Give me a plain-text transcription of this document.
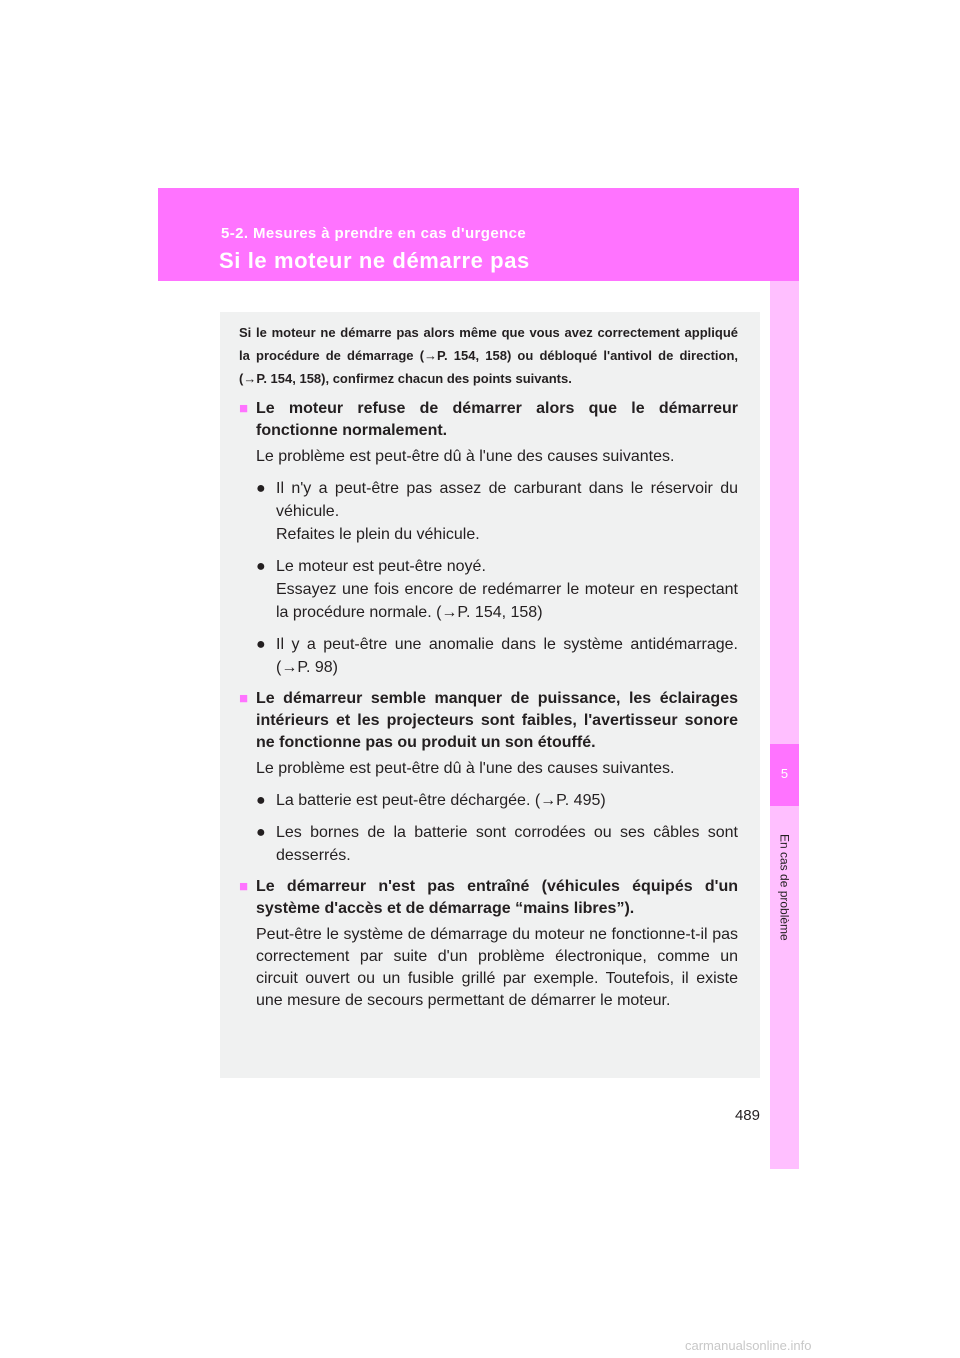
5-2. Mesures à prendre en cas d'urgence
Si le moteur ne démarre pas
5
En cas de problème

Si le moteur ne démarre pas alors même que vous avez correctement appliqué la procédure de démarrage (→P. 154, 158) ou débloqué l'antivol de direction, (→P. 154, 158), confirmez chacun des points suivants.

■ Le moteur refuse de démarrer alors que le démarreur fonctionne normalement.

Le problème est peut-être dû à l'une des causes suivantes.

● Il n'y a peut-être pas assez de carburant dans le réservoir du véhicule.
Refaites le plein du véhicule.
● Le moteur est peut-être noyé.
Essayez une fois encore de redémarrer le moteur en respectant la procédure normale. (→P. 154, 158)
● Il y a peut-être une anomalie dans le système antidémarrage. (→P. 98)
■ Le démarreur semble manquer de puissance, les éclairages intérieurs et les projecteurs sont faibles, l'avertisseur sonore ne fonctionne pas ou produit un son étouffé.

Le problème est peut-être dû à l'une des causes suivantes.

● La batterie est peut-être déchargée. (→P. 495)
● Les bornes de la batterie sont corrodées ou ses câbles sont desserrés.
■ Le démarreur n'est pas entraîné (véhicules équipés d'un système d'accès et de démarrage “mains libres”).

Peut-être le système de démarrage du moteur ne fonctionne-t-il pas correctement par suite d'un problème électronique, comme un circuit ouvert ou un fusible grillé par exemple. Toutefois, il existe une mesure de secours permettant de démarrer le moteur.

489
carmanualsonline.info
